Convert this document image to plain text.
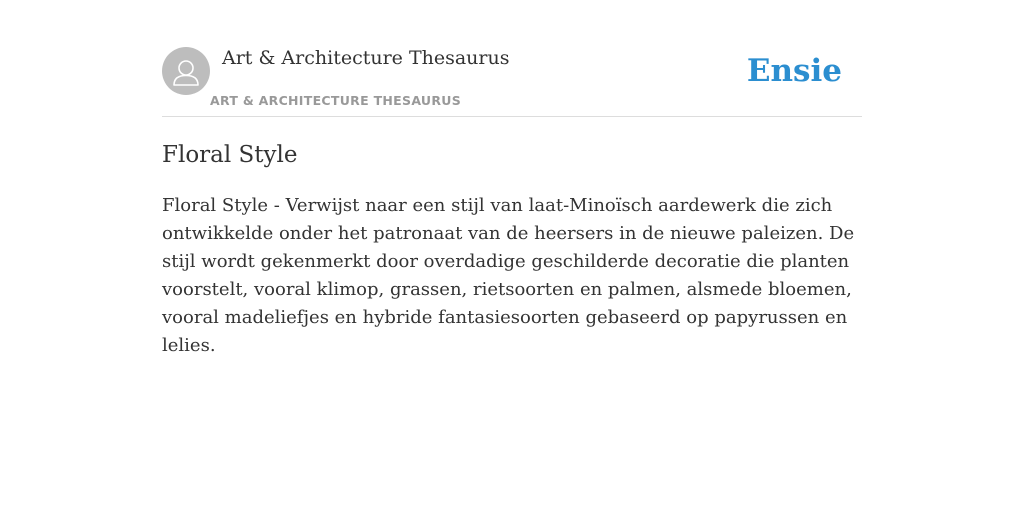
Art & Architecture Thesaurus
ART & ARCHITECTURE THESAURUS
Ensie
Floral Style

Floral Style - Verwijst naar een stijl van laat-Minoïsch aardewerk die zich ontwikkelde onder het patronaat van de heersers in de nieuwe paleizen. De stijl wordt gekenmerkt door overdadige geschilderde decoratie die planten voorstelt, vooral klimop, grassen, rietsoorten en palmen, alsmede bloemen, vooral madeliefjes en hybride fantasiesoorten gebaseerd op papyrussen en lelies.
